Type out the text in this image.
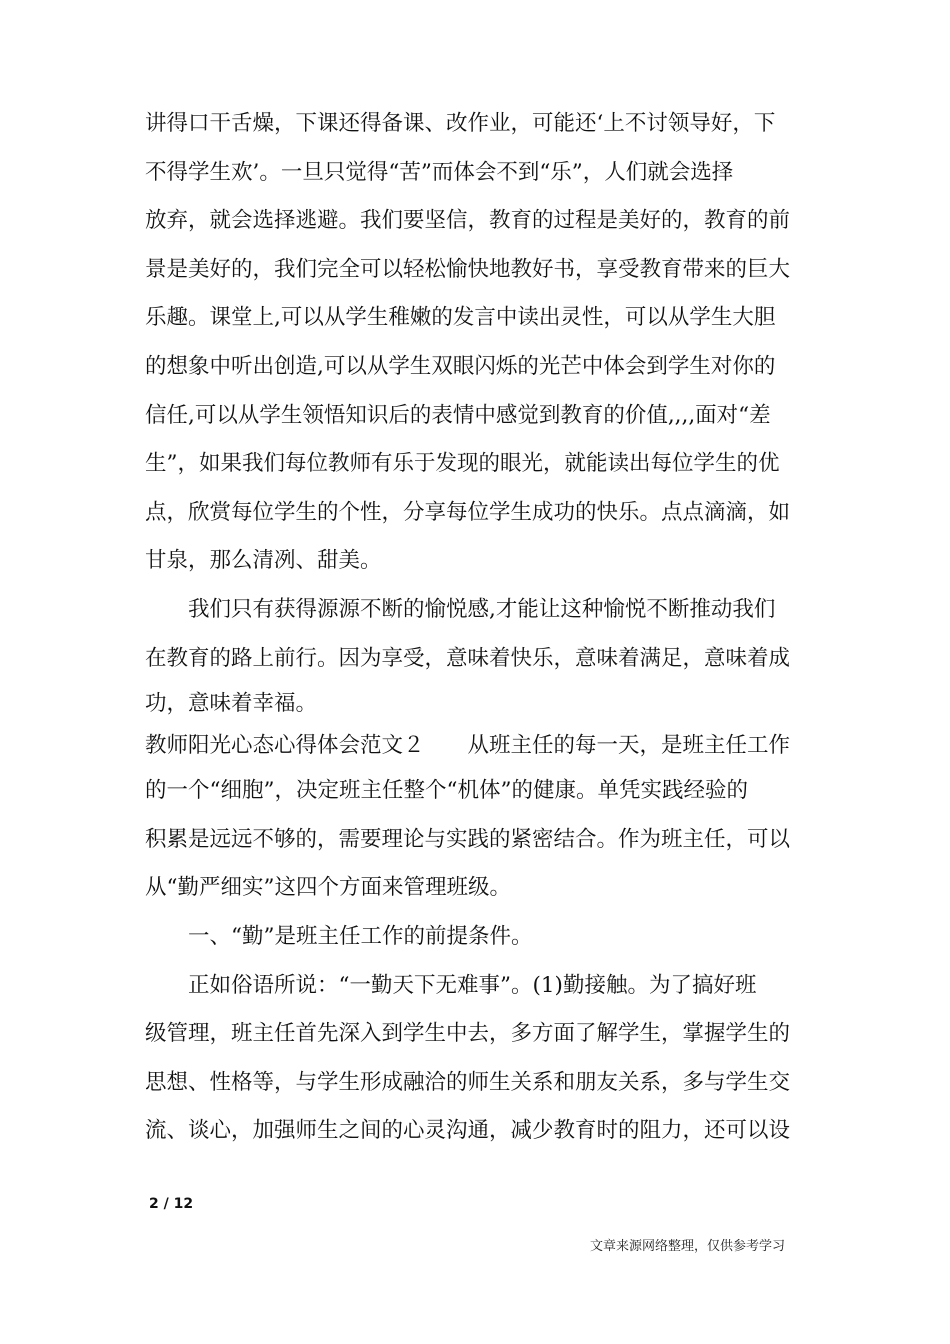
讲得口干舌燥，下课还得备课、改作业，可能还‘上不讨领导好，下
不得学生欢’。一旦只觉得“苦”而体会不到“乐”，人们就会选择
放弃，就会选择逃避。我们要坚信，教育的过程是美好的，教育的前
景是美好的，我们完全可以轻松愉快地教好书，享受教育带来的巨大
乐趣。课堂上,可以从学生稚嫩的发言中读出灵性，可以从学生大胆
的想象中听出创造,可以从学生双眼闪烁的光芒中体会到学生对你的
信任,可以从学生领悟知识后的表情中感觉到教育的价值,,,,面对“差
生”，如果我们每位教师有乐于发现的眼光，就能读出每位学生的优
点，欣赏每位学生的个性，分享每位学生成功的快乐。点点滴滴，如
甘泉，那么清冽、甜美。
　　我们只有获得源源不断的愉悦感,才能让这种愉悦不断推动我们
在教育的路上前行。因为享受，意味着快乐，意味着满足，意味着成
功，意味着幸福。
教师阳光心态心得体会范文２　　从班主任的每一天，是班主任工作
的一个“细胞”，决定班主任整个“机体”的健康。单凭实践经验的
积累是远远不够的，需要理论与实践的紧密结合。作为班主任，可以
从“勤严细实”这四个方面来管理班级。
　　一、“勤”是班主任工作的前提条件。
　　正如俗语所说：“一勤天下无难事”。(1)勤接触。为了搞好班
级管理，班主任首先深入到学生中去，多方面了解学生，掌握学生的
思想、性格等，与学生形成融洽的师生关系和朋友关系，多与学生交
流、谈心，加强师生之间的心灵沟通，减少教育时的阻力，还可以设
2 / 12
文章来源网络整理，仅供参考学习
